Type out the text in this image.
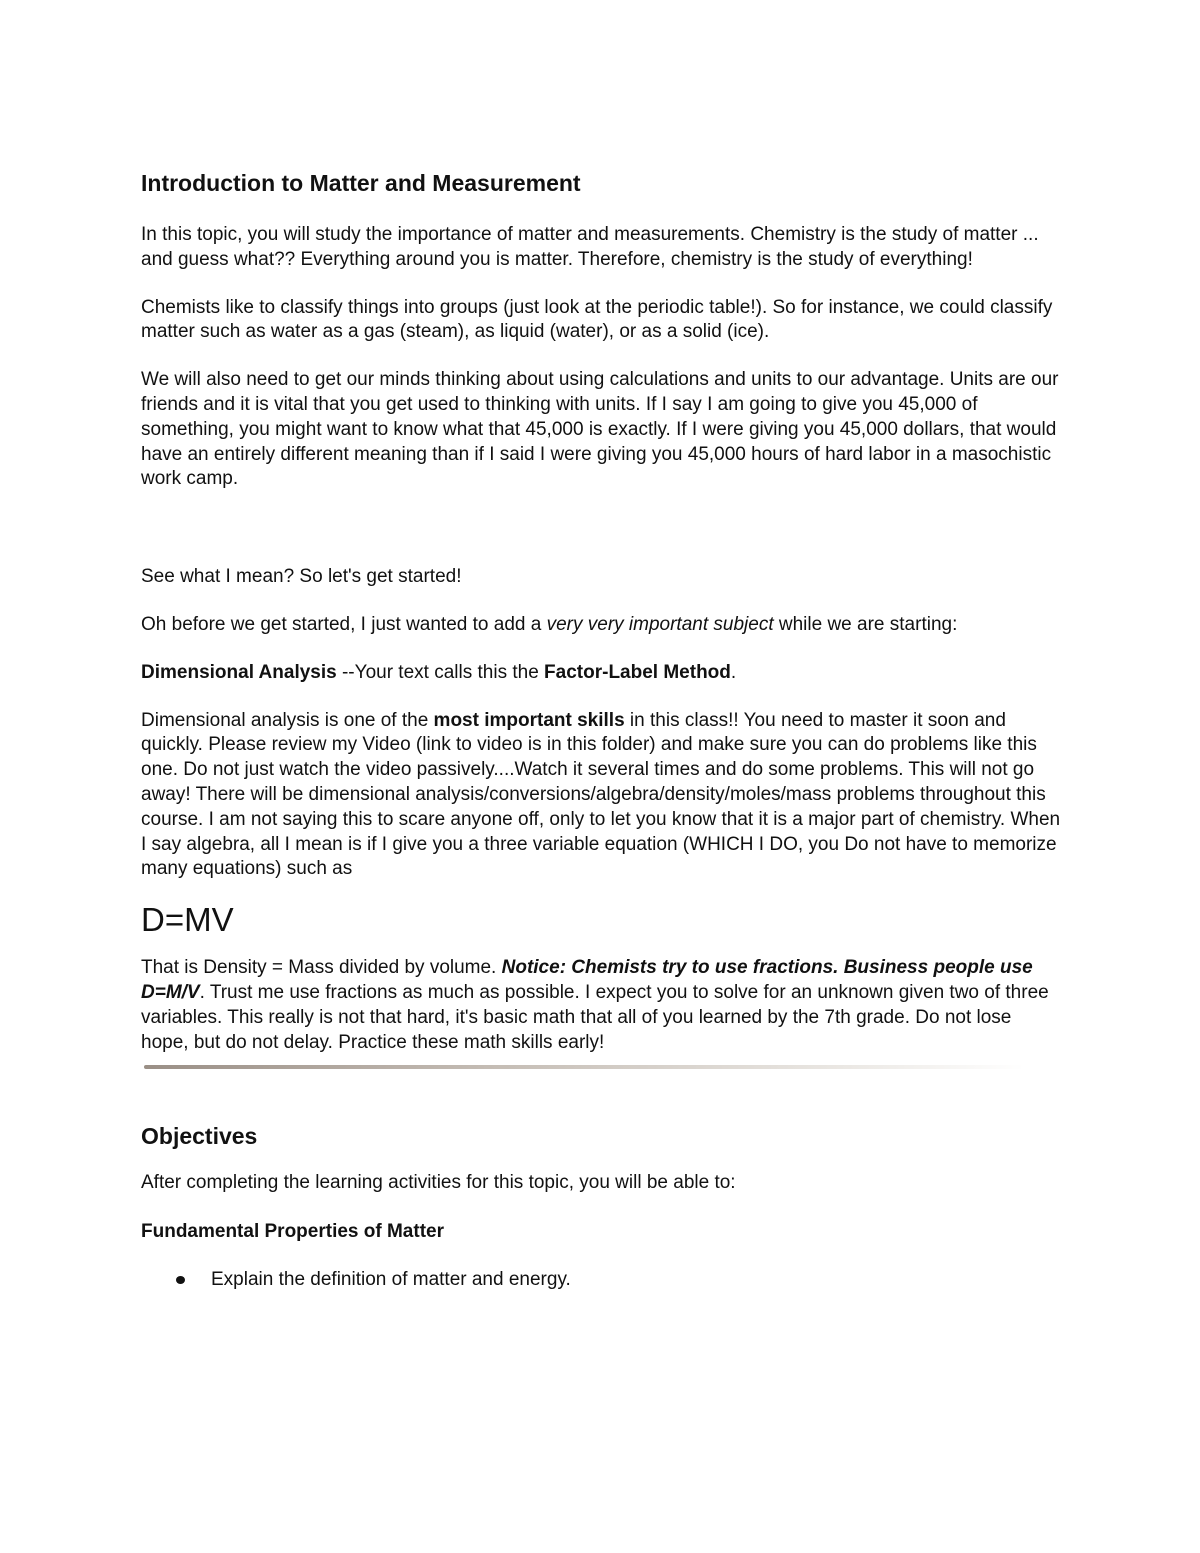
Introduction to Matter and Measurement

In this topic, you will study the importance of matter and measurements. Chemistry is the study of matter ... and guess what?? Everything around you is matter. Therefore, chemistry is the study of everything!

Chemists like to classify things into groups (just look at the periodic table!). So for instance, we could classify matter such as water as a gas (steam), as liquid (water), or as a solid (ice).

We will also need to get our minds thinking about using calculations and units to our advantage. Units are our friends and it is vital that you get used to thinking with units. If I say I am going to give you 45,000 of something, you might want to know what that 45,000 is exactly. If I were giving you 45,000 dollars, that would have an entirely different meaning than if I said I were giving you 45,000 hours of hard labor in a masochistic work camp.

See what I mean? So let's get started!

Oh before we get started, I just wanted to add a very very important subject while we are starting:

Dimensional Analysis --Your text calls this the Factor-Label Method.

Dimensional analysis is one of the most important skills in this class!! You need to master it soon and quickly. Please review my Video (link to video is in this folder) and make sure you can do problems like this one. Do not just watch the video passively....Watch it several times and do some problems. This will not go away! There will be dimensional analysis/conversions/algebra/density/moles/mass problems throughout this course. I am not saying this to scare anyone off, only to let you know that it is a major part of chemistry. When I say algebra, all I mean is if I give you a three variable equation (WHICH I DO, you Do not have to memorize many equations) such as

D=MV

That is Density = Mass divided by volume. Notice: Chemists try to use fractions. Business people use D=M/V. Trust me use fractions as much as possible. I expect you to solve for an unknown given two of three variables. This really is not that hard, it's basic math that all of you learned by the 7th grade. Do not lose hope, but do not delay. Practice these math skills early!

Objectives

After completing the learning activities for this topic, you will be able to:

Fundamental Properties of Matter
Explain the definition of matter and energy.
